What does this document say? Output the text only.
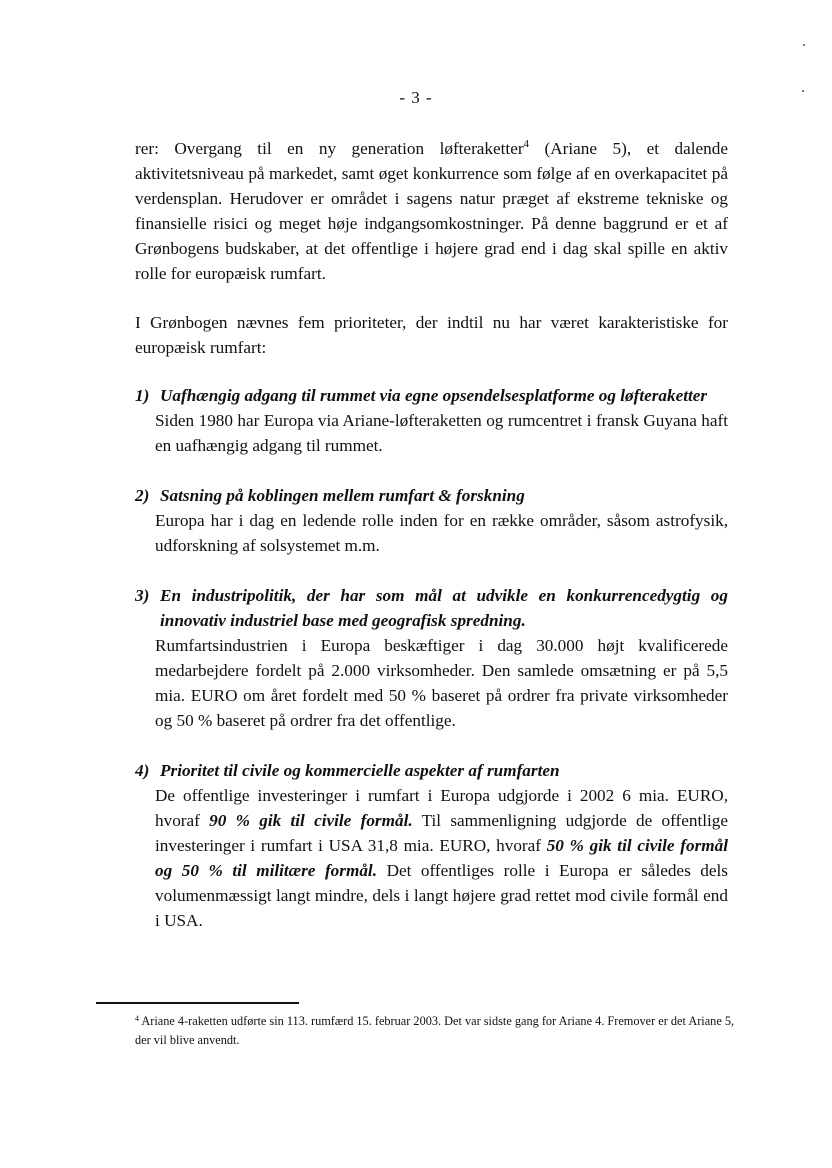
- 3 -

rer: Overgang til en ny generation løfteraketter$^4$ (Ariane 5), et dalende aktivitetsniveau på markedet, samt øget konkurrence som følge af en overkapacitet på verdensplan. Herudover er området i sagens natur præget af ekstreme tekniske og finansielle risici og meget høje indgangsomkostninger. På denne baggrund er et af Grønbogens budskaber, at det offentlige i højere grad end i dag skal spille en aktiv rolle for europæisk rumfart.

I Grønbogen nævnes fem prioriteter, der indtil nu har været karakteristiske for europæisk rumfart:

1) Uafhængig adgang til rummet via egne opsendelsesplatforme og løfteraketter
Siden 1980 har Europa via Ariane-løfteraketten og rumcentret i fransk Guyana haft en uafhængig adgang til rummet.
2) Satsning på koblingen mellem rumfart & forskning
Europa har i dag en ledende rolle inden for en række områder, såsom astrofysik, udforskning af solsystemet m.m.
3) En industripolitik, der har som mål at udvikle en konkurrencedygtig og innovativ industriel base med geografisk spredning.
Rumfartsindustrien i Europa beskæftiger i dag 30.000 højt kvalificerede medarbejdere fordelt på 2.000 virksomheder. Den samlede omsætning er på 5,5 mia. EURO om året fordelt med 50 % baseret på ordrer fra private virksomheder og 50 % baseret på ordrer fra det offentlige.
4) Prioritet til civile og kommercielle aspekter af rumfarten
De offentlige investeringer i rumfart i Europa udgjorde i 2002 6 mia. EURO, hvoraf 90 % gik til civile formål. Til sammenligning udgjorde de offentlige investeringer i rumfart i USA 31,8 mia. EURO, hvoraf 50 % gik til civile formål og 50 % til militære formål. Det offentliges rolle i Europa er således dels volumenmæssigt langt mindre, dels i langt højere grad rettet mod civile formål end i USA.
$^4$ Ariane 4-raketten udførte sin 113. rumfærd 15. februar 2003. Det var sidste gang for Ariane 4. Fremover er det Ariane 5, der vil blive anvendt.
